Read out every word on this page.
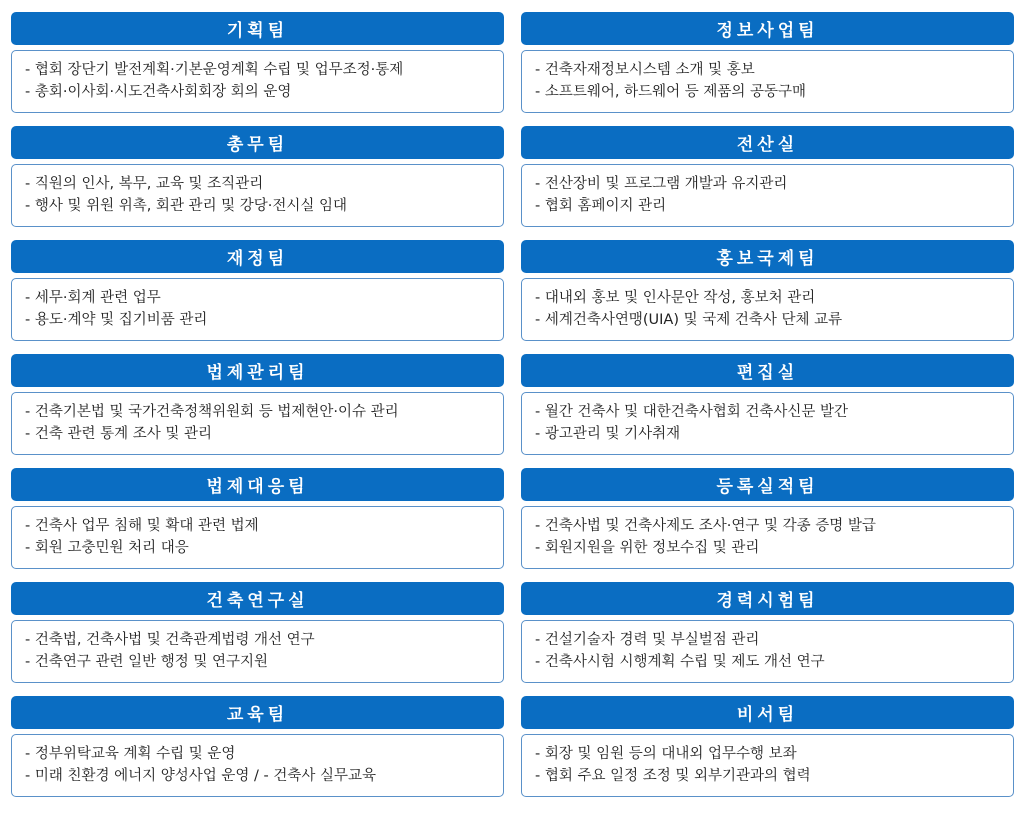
기획팀
- 협회 장단기 발전계획·기본운영계획 수립 및 업무조정·통제
- 총회·이사회·시도건축사회회장 회의 운영
정보사업팀
- 건축자재정보시스템 소개 및 홍보
- 소프트웨어, 하드웨어 등 제품의 공동구매
총무팀
- 직원의 인사, 복무, 교육 및 조직관리
- 행사 및 위원 위촉, 회관 관리 및 강당·전시실 임대
전산실
- 전산장비 및 프로그램 개발과 유지관리
- 협회 홈페이지 관리
재정팀
- 세무·회계 관련 업무
- 용도·계약 및 집기비품 관리
홍보국제팀
- 대내외 홍보 및 인사문안 작성, 홍보처 관리
- 세계건축사연맹(UIA) 및 국제 건축사 단체 교류
법제관리팀
- 건축기본법 및 국가건축정책위원회 등 법제현안·이슈 관리
- 건축 관련 통계 조사 및 관리
편집실
- 월간 건축사 및 대한건축사협회 건축사신문 발간
- 광고관리 및 기사취재
법제대응팀
- 건축사 업무 침해 및 확대 관련 법제
- 회원 고충민원 처리 대응
등록실적팀
- 건축사법 및 건축사제도 조사·연구 및 각종 증명 발급
- 회원지원을 위한 정보수집 및 관리
건축연구실
- 건축법, 건축사법 및 건축관계법령 개선 연구
- 건축연구 관련 일반 행정 및 연구지원
경력시험팀
- 건설기술자 경력 및 부실벌점 관리
- 건축사시험 시행계획 수립 및 제도 개선 연구
교육팀
- 정부위탁교육 계획 수립 및 운영
- 미래 친환경 에너지 양성사업 운영 / - 건축사 실무교육
비서팀
- 회장 및 임원 등의 대내외 업무수행 보좌
- 협회 주요 일정 조정 및 외부기관과의 협력
